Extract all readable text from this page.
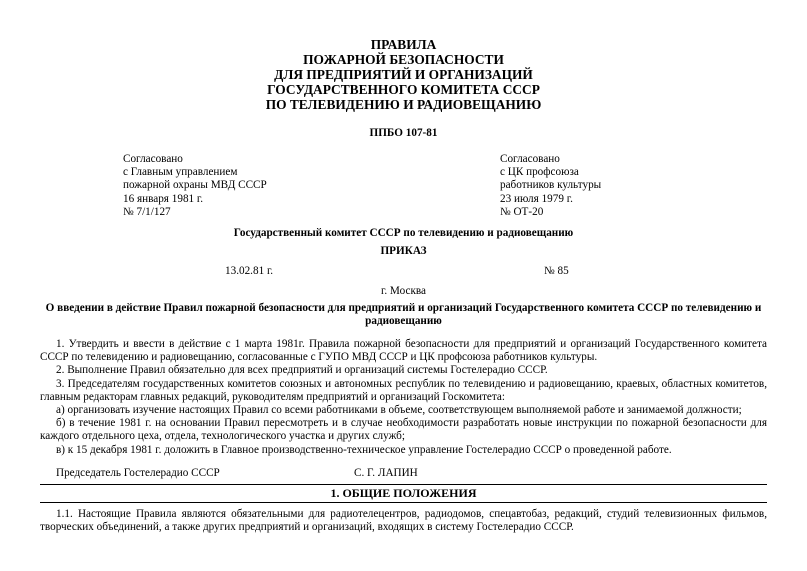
ПРАВИЛА
ПОЖАРНОЙ БЕЗОПАСНОСТИ
ДЛЯ ПРЕДПРИЯТИЙ И ОРГАНИЗАЦИЙ
ГОСУДАРСТВЕННОГО КОМИТЕТА СССР
ПО ТЕЛЕВИДЕНИЮ И РАДИОВЕЩАНИЮ
ППБО 107-81
Согласовано
с Главным управлением
пожарной охраны МВД СССР
16 января 1981 г.
№ 7/1/127
Согласовано
с ЦК профсоюза
работников культуры
23 июля 1979 г.
№ ОТ-20
Государственный комитет СССР по телевидению и радиовещанию
ПРИКАЗ
13.02.81 г.	№ 85
г. Москва
О введении в действие Правил пожарной безопасности для предприятий и организаций Государственного комитета СССР по телевидению и радиовещанию

1. Утвердить и ввести в действие с 1 марта 1981г. Правила пожарной безопасности для предприятий и организаций Государственного комитета СССР по телевидению и радиовещанию, согласованные с ГУПО МВД СССР и ЦК профсоюза работников культуры.

2. Выполнение Правил обязательно для всех предприятий и организаций системы Гостелерадио СССР.

3. Председателям государственных комитетов союзных и автономных республик по телевидению и радиовещанию, краевых, областных комитетов, главным редакторам главных редакций, руководителям предприятий и организаций Госкомитета:

а) организовать изучение настоящих Правил со всеми работниками в объеме, соответствующем выполняемой работе и занимаемой должности;

б) в течение 1981 г. на основании Правил пересмотреть и в случае необходимости разработать новые инструкции по пожарной безопасности для каждого отдельного цеха, отдела, технологического участка и других служб;

в) к 15 декабря 1981 г. доложить в Главное производственно-техническое управление Гостелерадио СССР о проведенной работе.

Председатель Гостелерадио СССР	С. Г. ЛАПИН
1. ОБЩИЕ ПОЛОЖЕНИЯ

1.1. Настоящие Правила являются обязательными для радиотелецентров, радиодомов, спецавтобаз, редакций, студий телевизионных фильмов, творческих объединений, а также других предприятий и организаций, входящих в систему Гостелерадио СССР.
